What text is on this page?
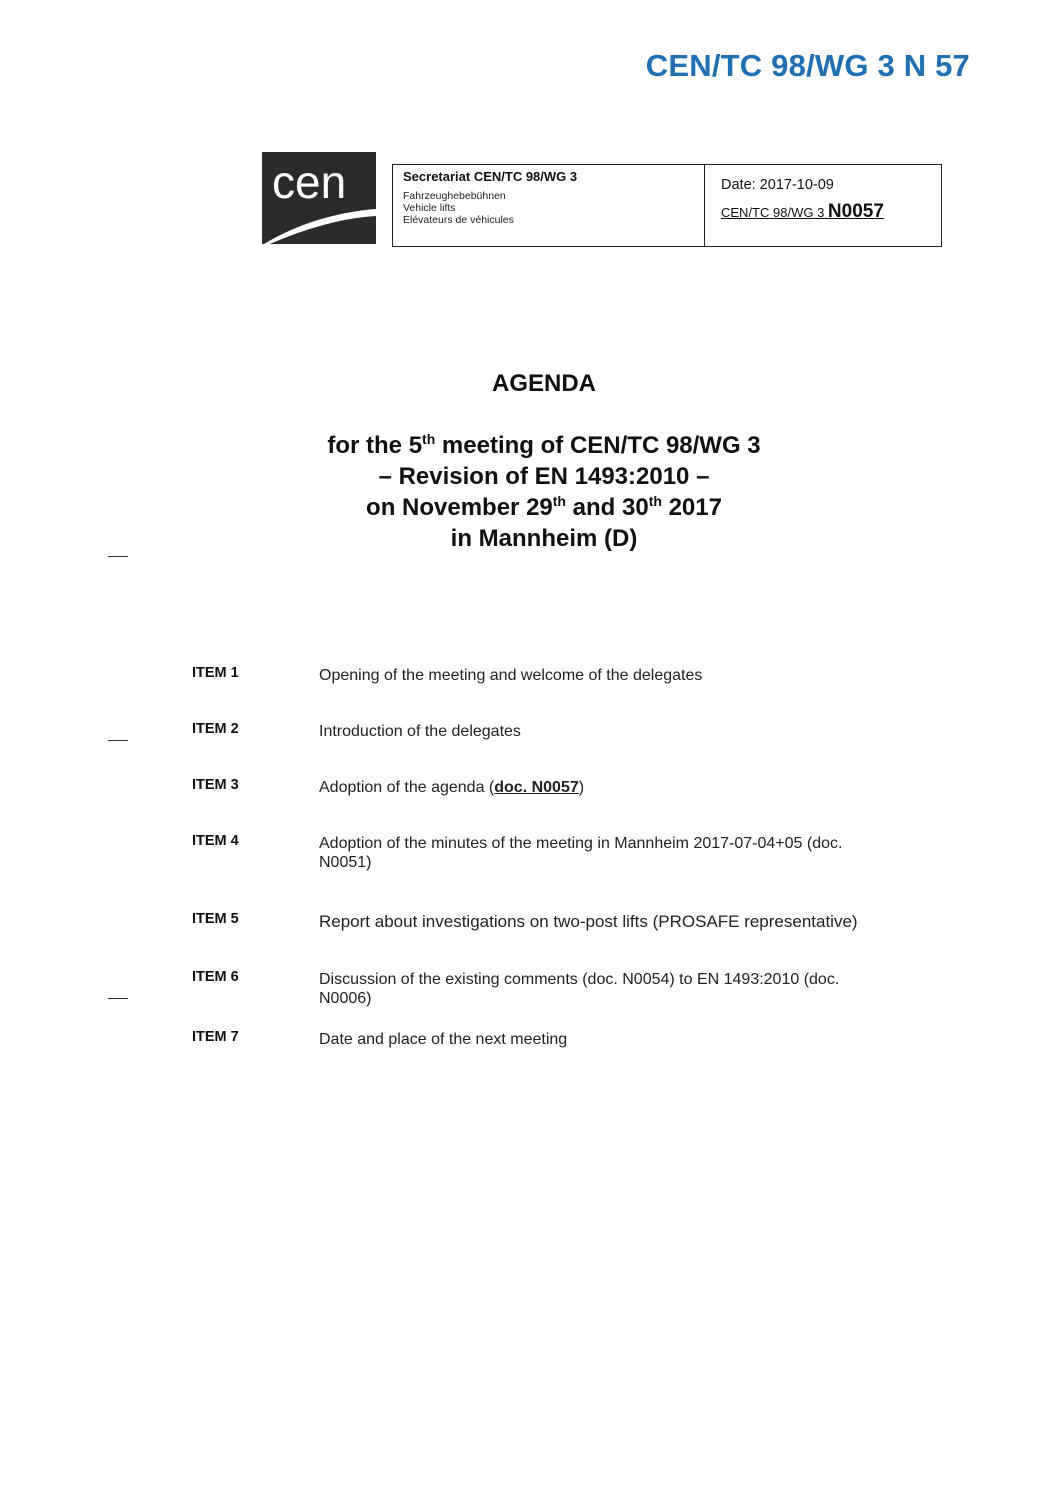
CEN/TC 98/WG 3 N 57
cen	Secretariat CEN/TC 98/WG 3
Fahrzeughebebühnen
Vehicle lifts
Elévateurs de véhicules
Date: 2017-10-09
CEN/TC 98/WG 3 N0057
AGENDA
for the 5th meeting of CEN/TC 98/WG 3
– Revision of EN 1493:2010 –
on November 29th and 30th 2017
in Mannheim (D)
ITEM 1	Opening of the meeting and welcome of the delegates
ITEM 2	Introduction of the delegates
ITEM 3	Adoption of the agenda (doc. N0057)
ITEM 4	Adoption of the minutes of the meeting in Mannheim 2017-07-04+05 (doc. N0051)
ITEM 5	Report about investigations on two-post lifts (PROSAFE representative)
ITEM 6	Discussion of the existing comments (doc. N0054) to EN 1493:2010 (doc. N0006)
ITEM 7	Date and place of the next meeting
